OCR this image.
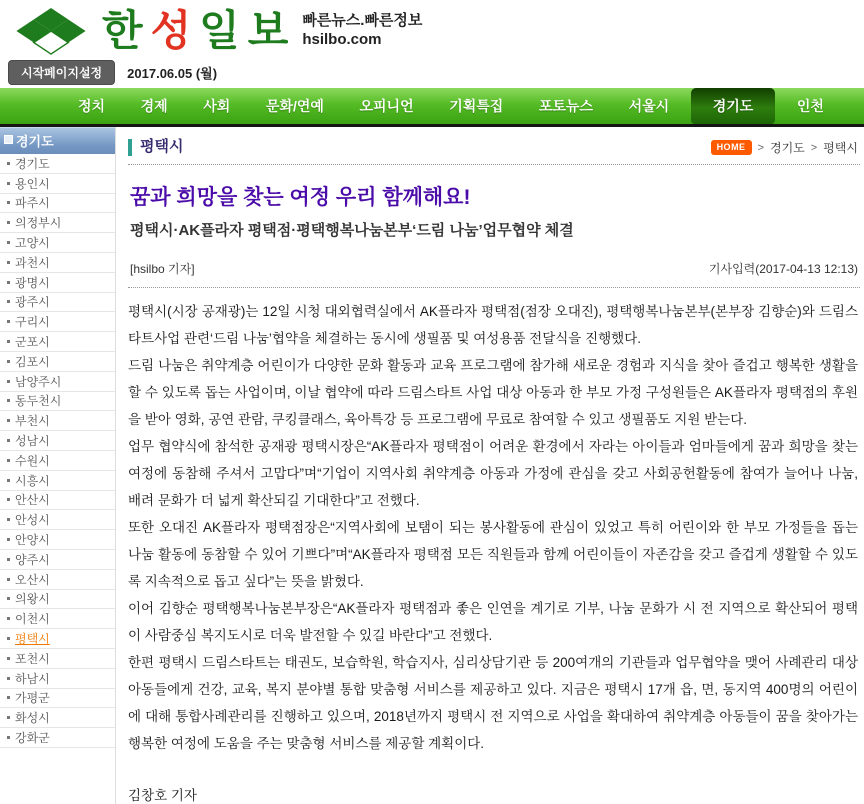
한성일보 빠른뉴스.빠른정보
hsilbo.com
시작페이지설정	2017.06.05 (월)
정치	경제	사회	문화/연예	오피니언	기획특집	포토뉴스	서울시	경기도	인천
경기도
경기도
용인시
파주시
의정부시
고양시
과천시
광명시
광주시
구리시
군포시
김포시
남양주시
동두천시
부천시
성남시
수원시
시흥시
안산시
안성시
안양시
양주시
오산시
의왕시
이천시
평택시
포천시
하남시
가평군
화성시
강화군
평택시	HOME	> 경기도 > 평택시
꿈과 희망을 찾는 여정 우리 함께해요!
평택시·AK플라자 평택점·평택행복나눔본부‘드림 나눔’업무협약 체결
[hsilbo 기자]	기사입력(2017-04-13 12:13)

평택시(시장 공재광)는 12일 시청 대외협력실에서 AK플라자 평택점(점장 오대진), 평택행복나눔본부(본부장 김향순)와 드림스타트사업 관련‘드림 나눔’협약을 체결하는 동시에 생필품 및 여성용품 전달식을 진행했다.

드림 나눔은 취약계층 어린이가 다양한 문화 활동과 교육 프로그램에 참가해 새로운 경험과 지식을 찾아 즐겁고 행복한 생활을 할 수 있도록 돕는 사업이며, 이날 협약에 따라 드림스타트 사업 대상 아동과 한 부모 가정 구성원들은 AK플라자 평택점의 후원을 받아 영화, 공연 관람, 쿠킹클래스, 육아특강 등 프로그램에 무료로 참여할 수 있고 생필품도 지원 받는다.

업무 협약식에 참석한 공재광 평택시장은“AK플라자 평택점이 어려운 환경에서 자라는 아이들과 엄마들에게 꿈과 희망을 찾는 여정에 동참해 주셔서 고맙다”며“기업이 지역사회 취약계층 아동과 가정에 관심을 갖고 사회공헌활동에 참여가 늘어나 나눔, 배려 문화가 더 넓게 확산되길 기대한다”고 전했다.

또한 오대진 AK플라자 평택점장은“지역사회에 보탬이 되는 봉사활동에 관심이 있었고 특히 어린이와 한 부모 가정들을 돕는 나눔 활동에 동참할 수 있어 기쁘다”며“AK플라자 평택점 모든 직원들과 함께 어린이들이 자존감을 갖고 즐겁게 생활할 수 있도록 지속적으로 돕고 싶다”는 뜻을 밝혔다.

이어 김향순 평택행복나눔본부장은“AK플라자 평택점과 좋은 인연을 계기로 기부, 나눔 문화가 시 전 지역으로 확산되어 평택이 사람중심 복지도시로 더욱 발전할 수 있길 바란다”고 전했다.

한편 평택시 드림스타트는 태권도, 보습학원, 학습지사, 심리상담기관 등 200여개의 기관들과 업무협약을 맺어 사례관리 대상 아동들에게 건강, 교육, 복지 분야별 통합 맞춤형 서비스를 제공하고 있다. 지금은 평택시 17개 읍, 면, 동지역 400명의 어린이에 대해 통합사례관리를 진행하고 있으며, 2018년까지 평택시 전 지역으로 사업을 확대하여 취약계층 아동들이 꿈을 찾아가는 행복한 여정에 도움을 주는 맞춤형 서비스를 제공할 계획이다.

김창호 기자
